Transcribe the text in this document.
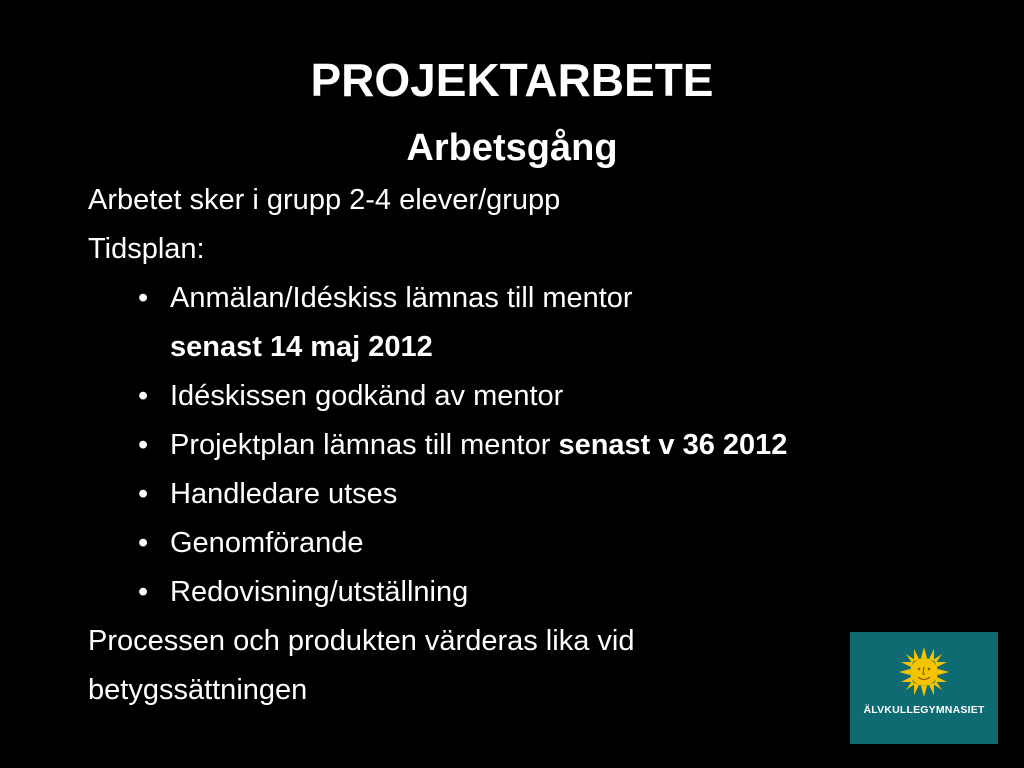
PROJEKTARBETE
Arbetsgång
Arbetet sker i grupp 2-4 elever/grupp
Tidsplan:
• Anmälan/Idéskiss lämnas till mentor
senast 14 maj 2012
• Idéskissen godkänd av mentor
• Projektplan lämnas till mentor senast v 36 2012
• Handledare utses
• Genomförande
• Redovisning/utställning
Processen och produkten värderas lika vid
betygssättningen
ÄLVKULLEGYMNASIET
